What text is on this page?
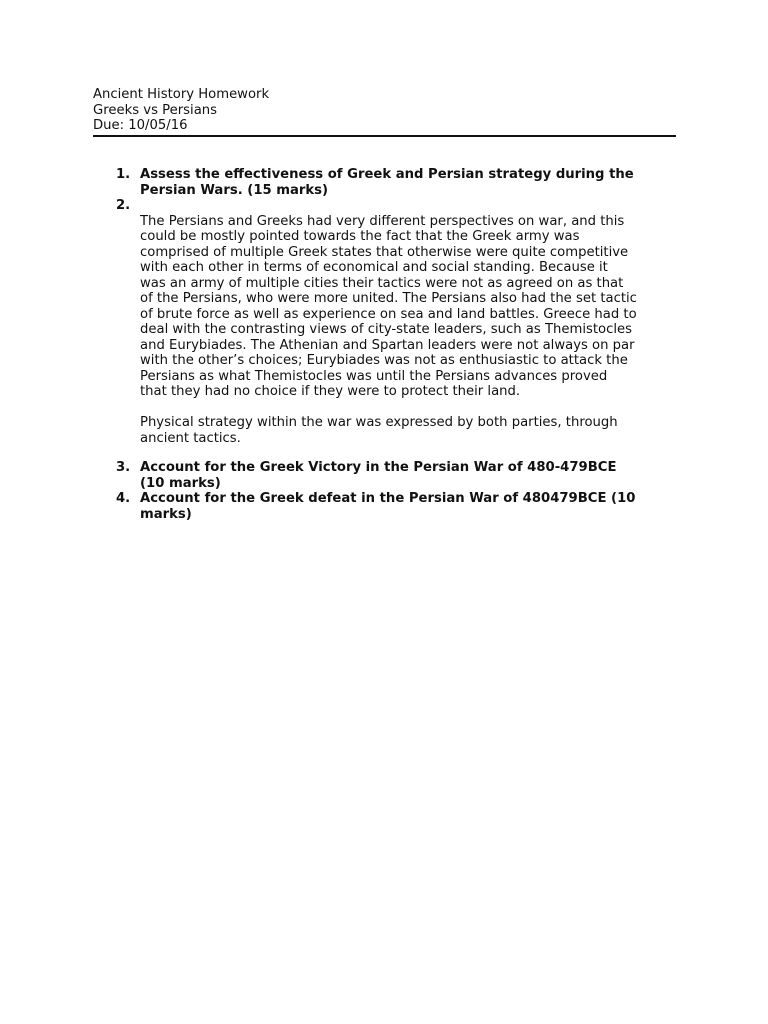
Ancient History Homework
Greeks vs Persians
Due: 10/05/16
1. Assess the effectiveness of Greek and Persian strategy during the
Persian Wars. (15 marks)
2.
The Persians and Greeks had very different perspectives on war, and this
could be mostly pointed towards the fact that the Greek army was
comprised of multiple Greek states that otherwise were quite competitive
with each other in terms of economical and social standing. Because it
was an army of multiple cities their tactics were not as agreed on as that
of the Persians, who were more united. The Persians also had the set tactic
of brute force as well as experience on sea and land battles. Greece had to
deal with the contrasting views of city-state leaders, such as Themistocles
and Eurybiades. The Athenian and Spartan leaders were not always on par
with the other’s choices; Eurybiades was not as enthusiastic to attack the
Persians as what Themistocles was until the Persians advances proved
that they had no choice if they were to protect their land.
Physical strategy within the war was expressed by both parties, through
ancient tactics.
3. Account for the Greek Victory in the Persian War of 480-479BCE
(10 marks)
4. Account for the Greek defeat in the Persian War of 480479BCE (10
marks)
